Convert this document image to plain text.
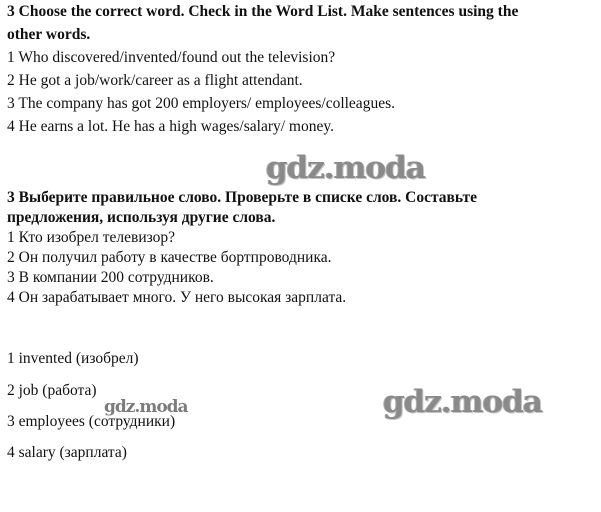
3 Choose the correct word. Check in the Word List. Make sentences using the
other words.
1 Who discovered/invented/found out the television?
2 He got a job/work/career as a flight attendant.
3 The company has got 200 employers/ employees/colleagues.
4 He earns a lot. He has a high wages/salary/ money.
gdz.moda
3 Выберите правильное слово. Проверьте в списке слов. Составьте
предложения, используя другие слова.
1 Кто изобрел телевизор?
2 Он получил работу в качестве бортпроводника.
3 В компании 200 сотрудников.
4 Он зарабатывает много. У него высокая зарплата.
1 invented (изобрел)
2 job (работа)
3 employees (сотрудники)
4 salary (зарплата)
gdz.moda	gdz.moda
